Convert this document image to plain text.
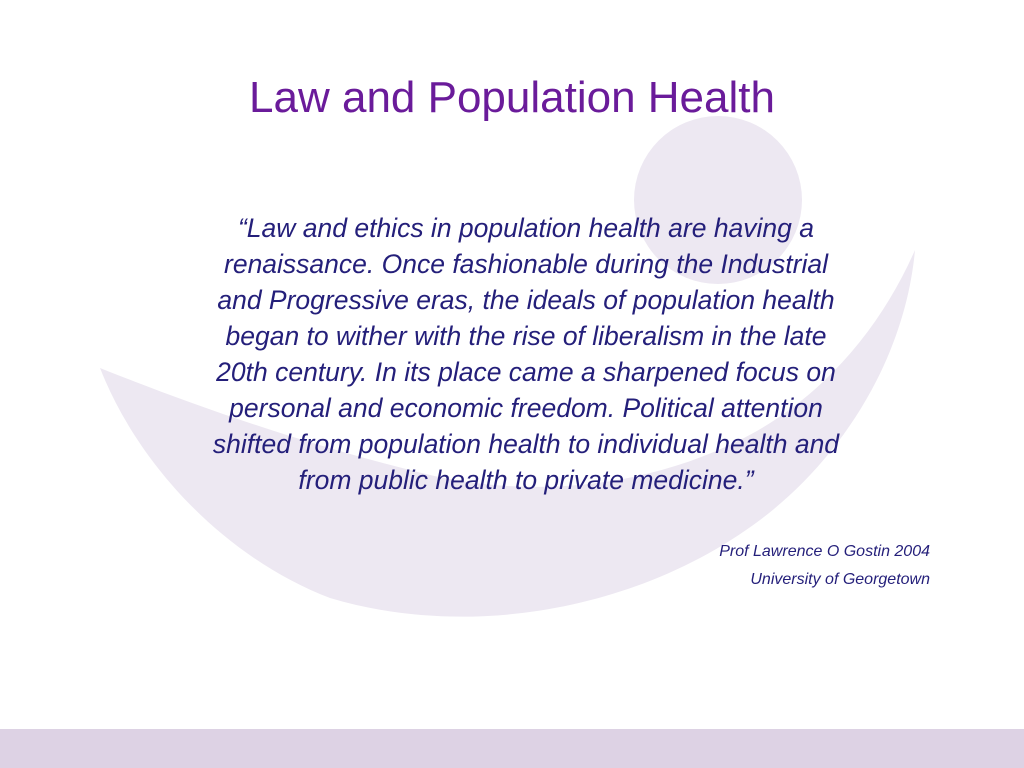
Law and Population Health
“Law and ethics in population health are having a
renaissance. Once fashionable during the Industrial
and Progressive eras, the ideals of population health
began to wither with the rise of liberalism in the late
20th century. In its place came a sharpened focus on
personal and economic freedom. Political attention
shifted from population health to individual health and
from public health to private medicine.”
Prof Lawrence O Gostin 2004
University of Georgetown
